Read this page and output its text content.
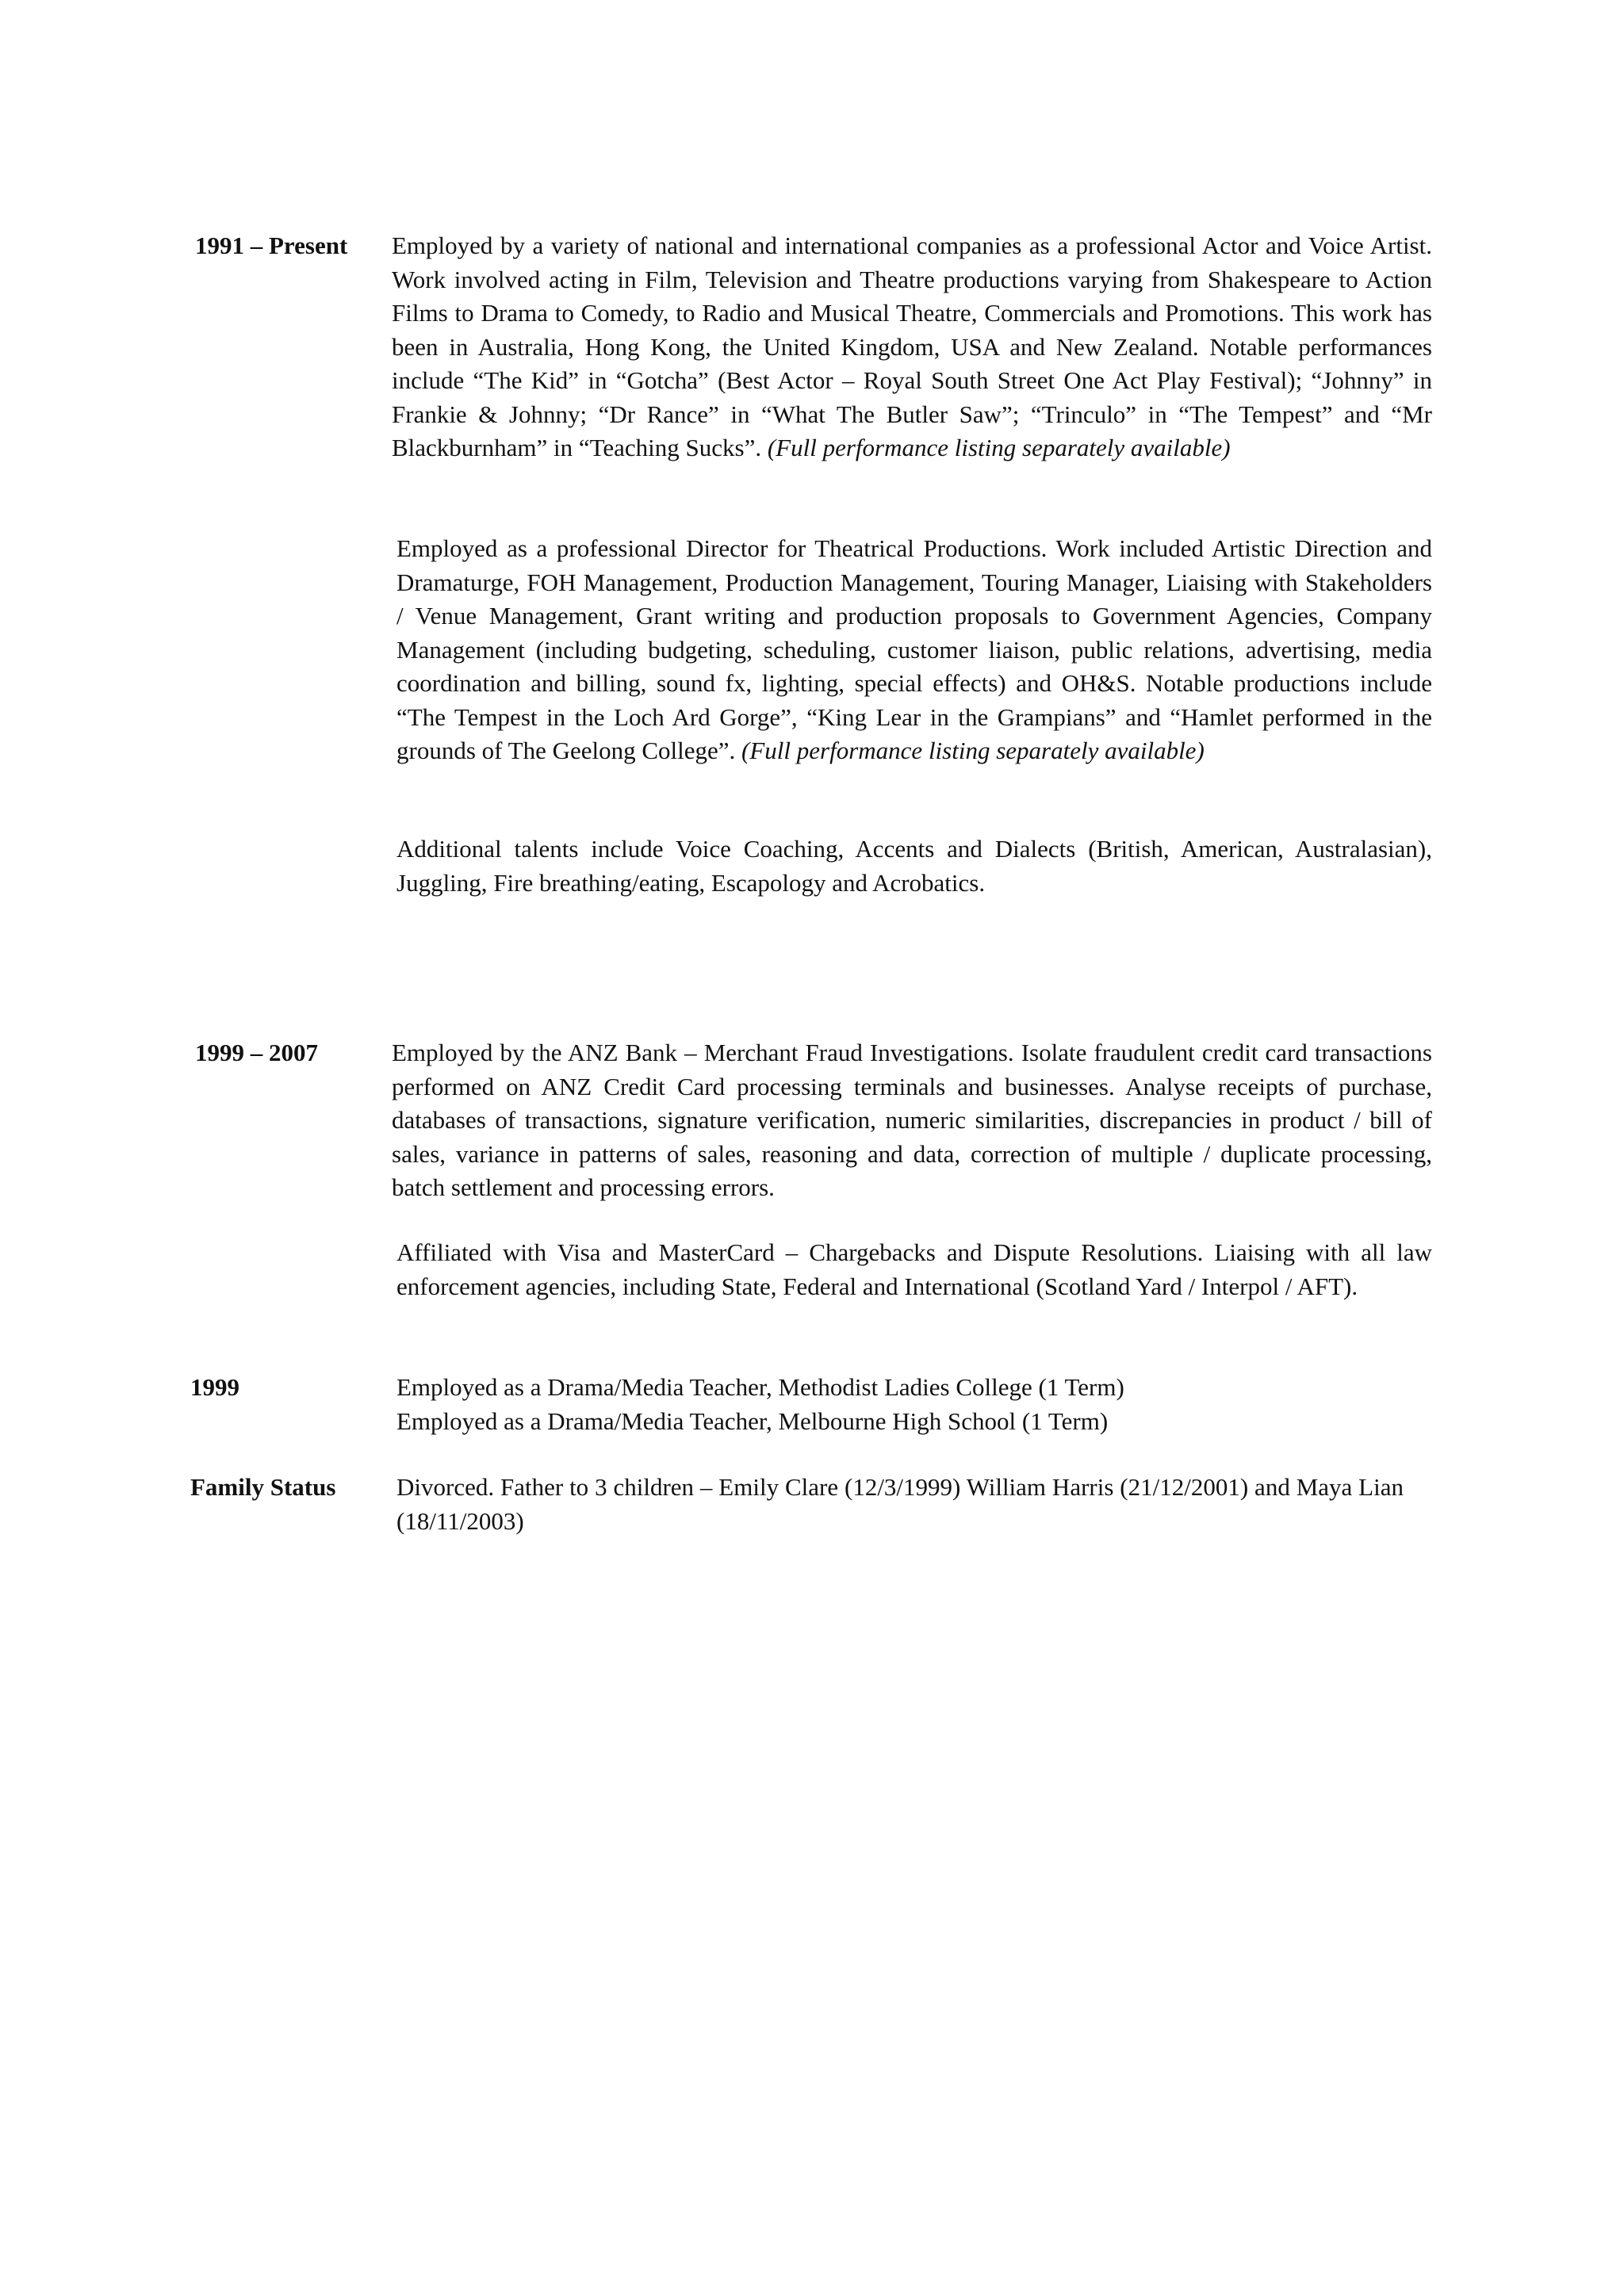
1991 – Present Employed by a variety of national and international companies as a professional Actor and Voice Artist. Work involved acting in Film, Television and Theatre productions varying from Shakespeare to Action Films to Drama to Comedy, to Radio and Musical Theatre, Commercials and Promotions. This work has been in Australia, Hong Kong, the United Kingdom, USA and New Zealand. Notable performances include “The Kid” in “Gotcha” (Best Actor – Royal South Street One Act Play Festival); “Johnny” in Frankie & Johnny; “Dr Rance” in “What The Butler Saw”; “Trinculo” in “The Tempest” and “Mr Blackburnham” in “Teaching Sucks”. (Full performance listing separately available)
Employed as a professional Director for Theatrical Productions. Work included Artistic Direction and Dramaturge, FOH Management, Production Management, Touring Manager, Liaising with Stakeholders / Venue Management, Grant writing and production proposals to Government Agencies, Company Management (including budgeting, scheduling, customer liaison, public relations, advertising, media coordination and billing, sound fx, lighting, special effects) and OH&S. Notable productions include “The Tempest in the Loch Ard Gorge”, “King Lear in the Grampians” and “Hamlet performed in the grounds of The Geelong College”. (Full performance listing separately available)
Additional talents include Voice Coaching, Accents and Dialects (British, American, Australasian), Juggling, Fire breathing/eating, Escapology and Acrobatics.
1999 – 2007	Employed by the ANZ Bank – Merchant Fraud Investigations. Isolate fraudulent credit card transactions performed on ANZ Credit Card processing terminals and businesses. Analyse receipts of purchase, databases of transactions, signature verification, numeric similarities, discrepancies in product / bill of sales, variance in patterns of sales, reasoning and data, correction of multiple / duplicate processing, batch settlement and processing errors.
Affiliated with Visa and MasterCard – Chargebacks and Dispute Resolutions. Liaising with all law enforcement agencies, including State, Federal and International (Scotland Yard / Interpol / AFT).
1999	Employed as a Drama/Media Teacher, Methodist Ladies College (1 Term)
Employed as a Drama/Media Teacher, Melbourne High School (1 Term)
Family Status Divorced. Father to 3 children – Emily Clare (12/3/1999) William Harris (21/12/2001) and Maya Lian (18/11/2003)
